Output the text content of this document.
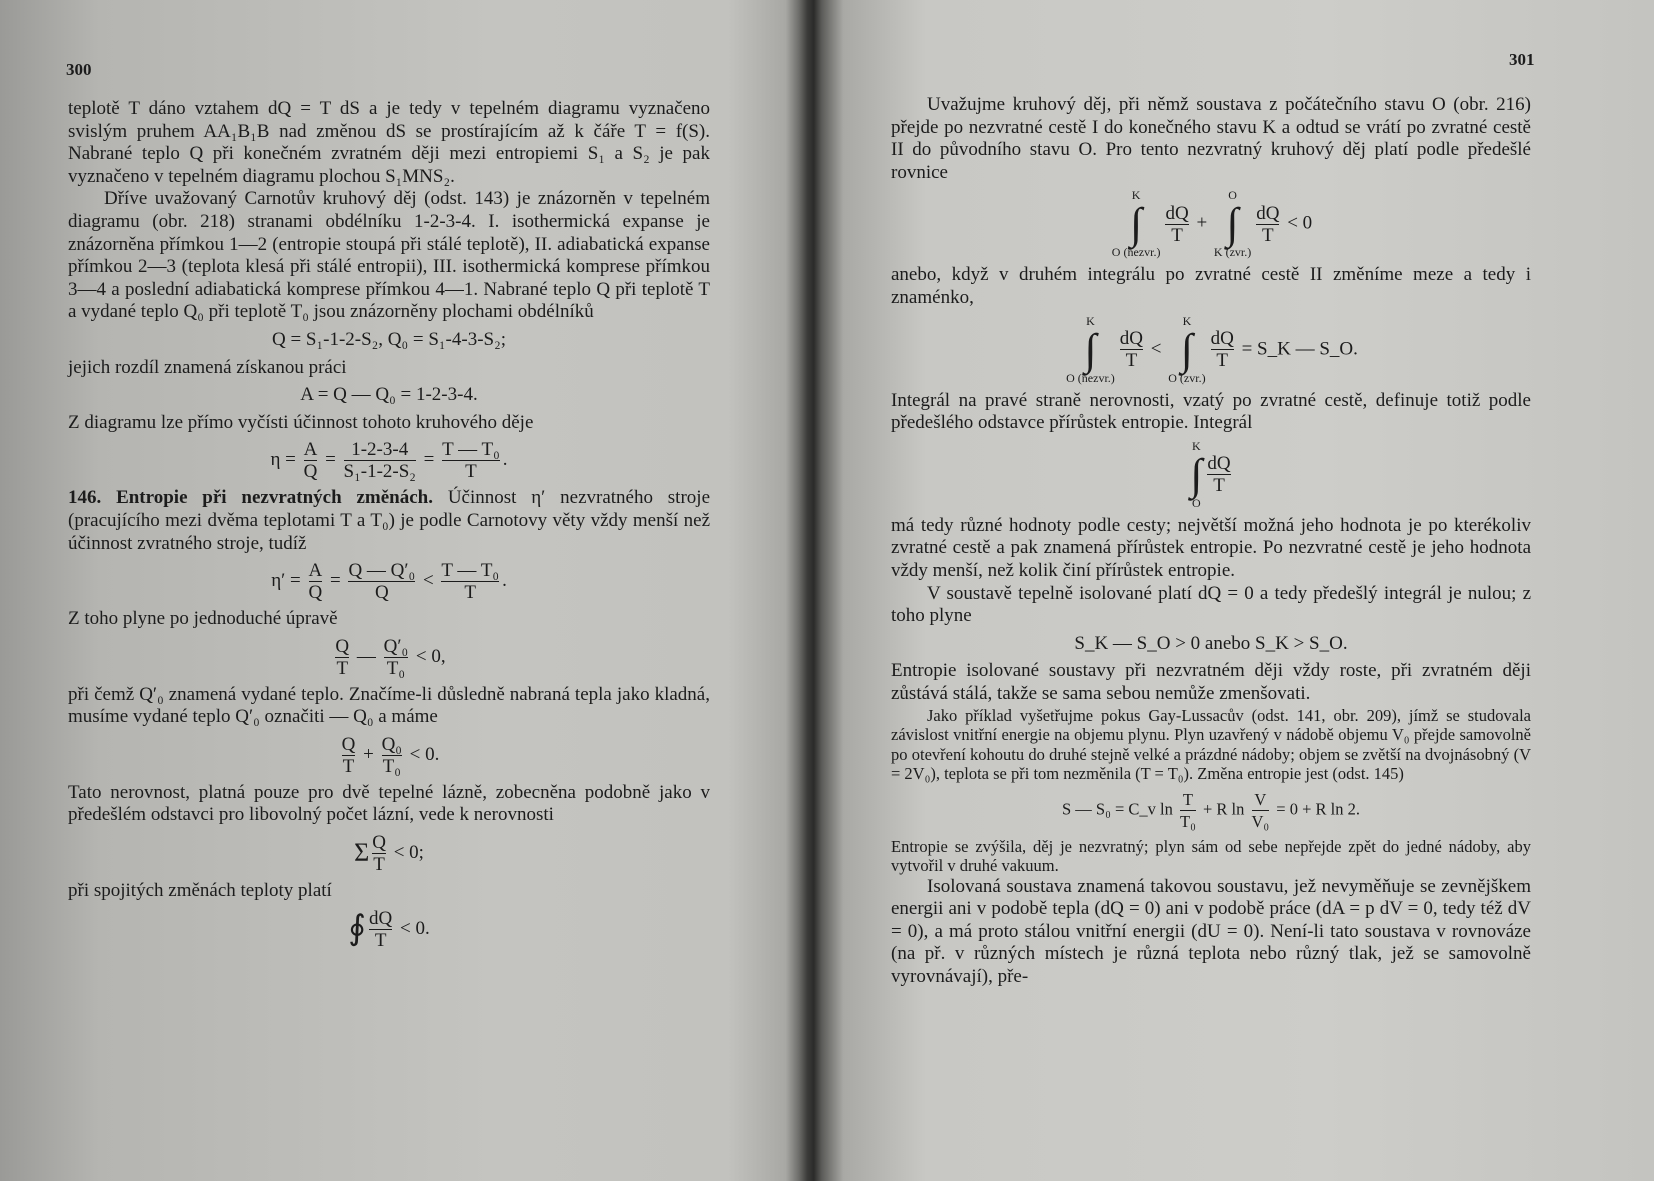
300

teplotě T dáno vztahem dQ = T dS a je tedy v tepelném diagramu vyznačeno svislým pruhem AA₁B₁B nad změnou dS se prostírajícím až k čáře T = f(S). Nabrané teplo Q při konečném zvratném ději mezi entropiemi S₁ a S₂ je pak vyznačeno v tepelném diagramu plochou S₁MNS₂.

Dříve uvažovaný Carnotův kruhový děj (odst. 143) je znázorněn v tepelném diagramu (obr. 218) stranami obdélníku 1-2-3-4. I. isothermická expanse je znázorněna přímkou 1—2 (entropie stoupá při stálé teplotě), II. adiabatická expanse přímkou 2—3 (teplota klesá při stálé entropii), III. isothermická komprese přímkou 3—4 a poslední adiabatická komprese přímkou 4—1. Nabrané teplo Q při teplotě T a vydané teplo Q₀ při teplotě T₀ jsou znázorněny plochami obdélníků

Q = S₁-1-2-S₂, Q₀ = S₁-4-3-S₂;

jejich rozdíl znamená získanou práci

A = Q — Q₀ = 1-2-3-4.

Z diagramu lze přímo vyčísti účinnost tohoto kruhového děje

$\eta = \frac{A}{Q} = \frac{1-2-3-4}{\text{S₁-1-2-S₂}} = \frac{\text{T — T₀}}{T}$ .

146. Entropie při nezvratných změnách. Účinnost η′ nezvratného stroje (pracujícího mezi dvěma teplotami T a T₀) je podle Carnotovy věty vždy menší než účinnost zvratného stroje, tudíž

$\eta' = \frac{A}{Q} = \frac{\text{Q — Q′₀}}{Q} < \frac{\text{T — T₀}}{T}$ .

Z toho plyne po jednoduché úpravě

$\frac{Q}{T}$ — $\frac{\text{Q′₀}}{\text{T₀}} < 0$,

při čemž Q′₀ znamená vydané teplo. Značíme-li důsledně nabraná tepla jako kladná, musíme vydané teplo Q′₀ označiti — Q₀ a máme

$\frac{Q}{T} + \frac{\text{Q₀}}{\text{T₀}} < 0$.

Tato nerovnost, platná pouze pro dvě tepelné lázně, zobecněna podobně jako v předešlém odstavci pro libovolný počet lázní, vede k nerovnosti

Σ $\frac{Q}{T} < 0$;

při spojitých změnách teploty platí

∮ $\frac{dQ}{T} < 0$.
301

Uvažujme kruhový děj, při němž soustava z počátečního stavu O (obr. 216) přejde po nezvratné cestě I do konečného stavu K a odtud se vrátí po zvratné cestě II do původního stavu O. Pro tento nezvratný kruhový děj platí podle předešlé rovnice

K
∫
O (nezvr.)
$\frac{dQ}{T}$ +
O
∫
K (zvr.)
$\frac{dQ}{T} < 0$

anebo, když v druhém integrálu po zvratné cestě II změníme meze a tedy i znaménko,

K
∫
O (nezvr.)
$\frac{dQ}{T}$ <
K
∫
O (zvr.)
$\frac{dQ}{T}$ = S_K — S_O.

Integrál na pravé straně nerovnosti, vzatý po zvratné cestě, definuje totiž podle předešlého odstavce přírůstek entropie. Integrál

K
∫
O
$\frac{dQ}{T}$

má tedy různé hodnoty podle cesty; největší možná jeho hodnota je po kterékoliv zvratné cestě a pak znamená přírůstek entropie. Po nezvratné cestě je jeho hodnota vždy menší, než kolik činí přírůstek entropie.

V soustavě tepelně isolované platí dQ = 0 a tedy předešlý integrál je nulou; z toho plyne

S_K — S_O > 0 anebo S_K > S_O.

Entropie isolované soustavy při nezvratném ději vždy roste, při zvratném ději zůstává stálá, takže se sama sebou nemůže zmenšovati.

Jako příklad vyšetřujme pokus Gay-Lussacův (odst. 141, obr. 209), jímž se studovala závislost vnitřní energie na objemu plynu. Plyn uzavřený v nádobě objemu V₀ přejde samovolně po otevření kohoutu do druhé stejně velké a prázdné nádoby; objem se zvětší na dvojnásobný (V = 2V₀), teplota se při tom nezměnila (T = T₀). Změna entropie jest (odst. 145)

S — S₀ = C_v $\ln \frac{T}{\text{T₀}} + R$ $\ln \frac{V}{\text{V₀}} = 0 + R$ ln 2.

Entropie se zvýšila, děj je nezvratný; plyn sám od sebe nepřejde zpět do jedné nádoby, aby vytvořil v druhé vakuum.

Isolovaná soustava znamená takovou soustavu, jež nevyměňuje se zevnějškem energii ani v podobě tepla (dQ = 0) ani v podobě práce (dA = p dV = 0, tedy též dV = 0), a má proto stálou vnitřní energii (dU = 0). Není-li tato soustava v rovnováze (na př. v různých místech je různá teplota nebo různý tlak, jež se samovolně vyrovnávají), pře-
